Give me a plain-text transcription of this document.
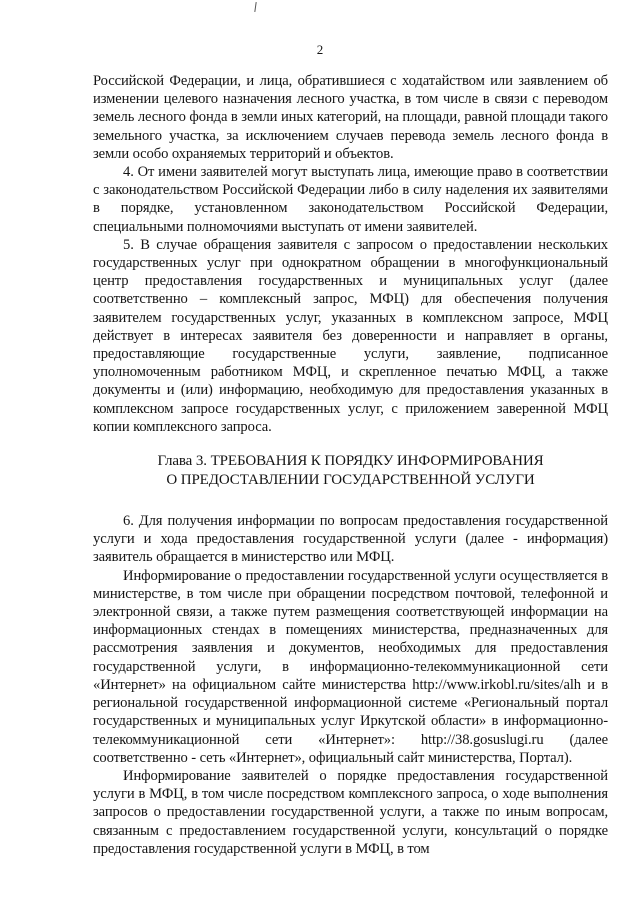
2

Российской Федерации, и лица, обратившиеся с ходатайством или заявлением об изменении целевого назначения лесного участка, в том числе в связи с переводом земель лесного фонда в земли иных категорий, на площади, равной площади такого земельного участка, за исключением случаев перевода земель лесного фонда в земли особо охраняемых территорий и объектов.

4. От имени заявителей могут выступать лица, имеющие право в соответствии с законодательством Российской Федерации либо в силу наделения их заявителями в порядке, установленном законодательством Российской Федерации, специальными полномочиями выступать от имени заявителей.

5. В случае обращения заявителя с запросом о предоставлении нескольких государственных услуг при однократном обращении в многофункциональный центр предоставления государственных и муниципальных услуг (далее соответственно – комплексный запрос, МФЦ) для обеспечения получения заявителем государственных услуг, указанных в комплексном запросе, МФЦ действует в интересах заявителя без доверенности и направляет в органы, предоставляющие государственные услуги, заявление, подписанное уполномоченным работником МФЦ, и скрепленное печатью МФЦ, а также документы и (или) информацию, необходимую для предоставления указанных в комплексном запросе государственных услуг, с приложением заверенной МФЦ копии комплексного запроса.

Глава 3. ТРЕБОВАНИЯ К ПОРЯДКУ ИНФОРМИРОВАНИЯ
О ПРЕДОСТАВЛЕНИИ ГОСУДАРСТВЕННОЙ УСЛУГИ

6. Для получения информации по вопросам предоставления государственной услуги и хода предоставления государственной услуги (далее - информация) заявитель обращается в министерство или МФЦ.

Информирование о предоставлении государственной услуги осуществляется в министерстве, в том числе при обращении посредством почтовой, телефонной и электронной связи, а также путем размещения соответствующей информации на информационных стендах в помещениях министерства, предназначенных для рассмотрения заявления и документов, необходимых для предоставления государственной услуги, в информационно-телекоммуникационной сети «Интернет» на официальном сайте министерства http://www.irkobl.ru/sites/alh и в региональной государственной информационной системе «Региональный портал государственных и муниципальных услуг Иркутской области» в информационно-телекоммуникационной сети «Интернет»: http://38.gosuslugi.ru (далее соответственно - сеть «Интернет», официальный сайт министерства, Портал).

Информирование заявителей о порядке предоставления государственной услуги в МФЦ, в том числе посредством комплексного запроса, о ходе выполнения запросов о предоставлении государственной услуги, а также по иным вопросам, связанным с предоставлением государственной услуги, консультаций о порядке предоставления государственной услуги в МФЦ, в том
